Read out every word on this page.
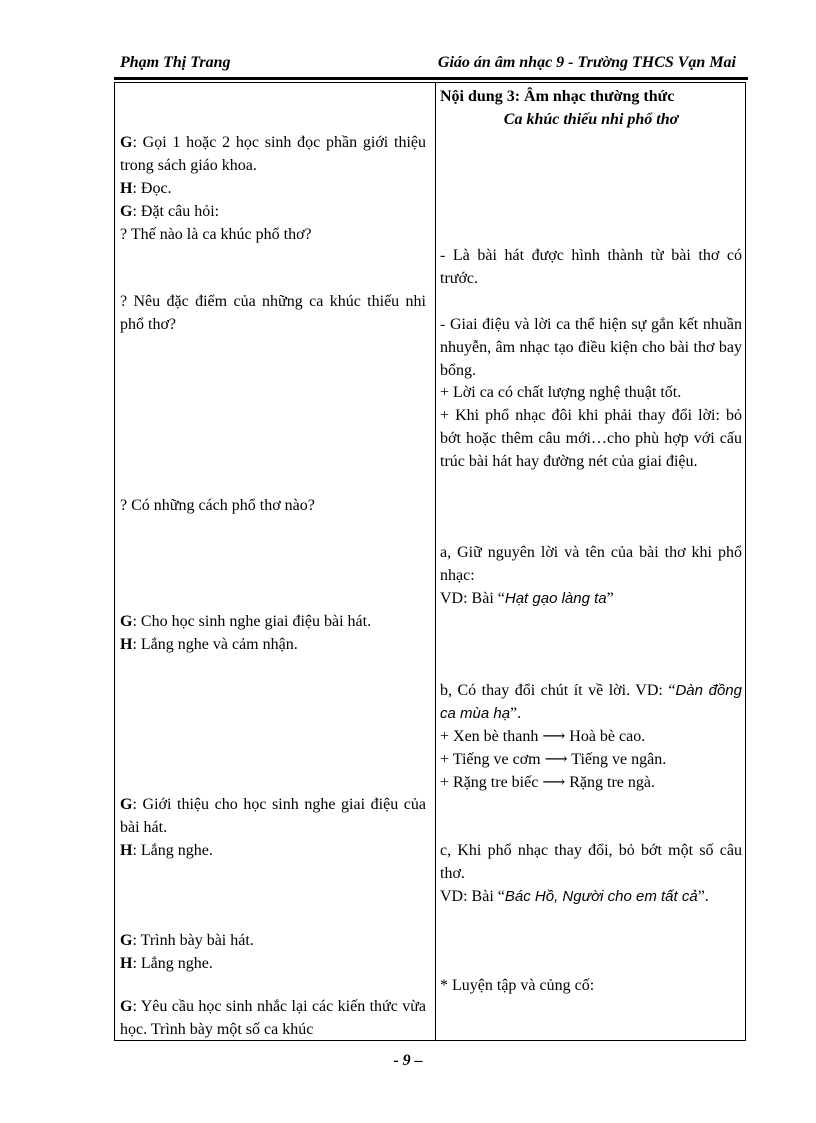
Phạm Thị Trang	Giáo án âm nhạc 9 - Trường THCS Vạn Mai
Nội dung 3: Âm nhạc thường thức
Ca khúc thiếu nhi phổ thơ
G: Gọi 1 hoặc 2 học sinh đọc phần giới thiệu trong sách giáo khoa.
H: Đọc.
G: Đặt câu hỏi:
? Thế nào là ca khúc phổ thơ?
? Nêu đặc điểm của những ca khúc thiếu nhi phổ thơ?
? Có những cách phổ thơ nào?
G: Cho học sinh nghe giai điệu bài hát.
H: Lắng nghe và cảm nhận.
G: Giới thiệu cho học sinh nghe giai điệu của bài hát.
H: Lắng nghe.
G: Trình bày bài hát.
H: Lắng nghe.
G: Yêu cầu học sinh nhắc lại các kiến thức vừa học. Trình bày một số ca khúc
- Là bài hát được hình thành từ bài thơ có trước.
- Giai điệu và lời ca thể hiện sự gắn kết nhuần nhuyễn, âm nhạc tạo điều kiện cho bài thơ bay bổng.
+ Lời ca có chất lượng nghệ thuật tốt.
+ Khi phổ nhạc đôi khi phải thay đổi lời: bỏ bớt hoặc thêm câu mới…cho phù hợp với cấu trúc bài hát hay đường nét của giai điệu.
a, Giữ nguyên lời và tên của bài thơ khi phổ nhạc:
VD: Bài “Hạt gạo làng ta”
b, Có thay đổi chút ít về lời. VD: “Dàn đồng ca mùa hạ”.
+ Xen bè thanh ⟶ Hoà bè cao.
+ Tiếng ve cơm ⟶ Tiếng ve ngân.
+ Rặng tre biếc ⟶ Rặng tre ngà.
c, Khi phổ nhạc thay đổi, bỏ bớt một số câu thơ.
VD: Bài “Bác Hồ, Người cho em tất cả”.
* Luyện tập và củng cố:
- 9 –
